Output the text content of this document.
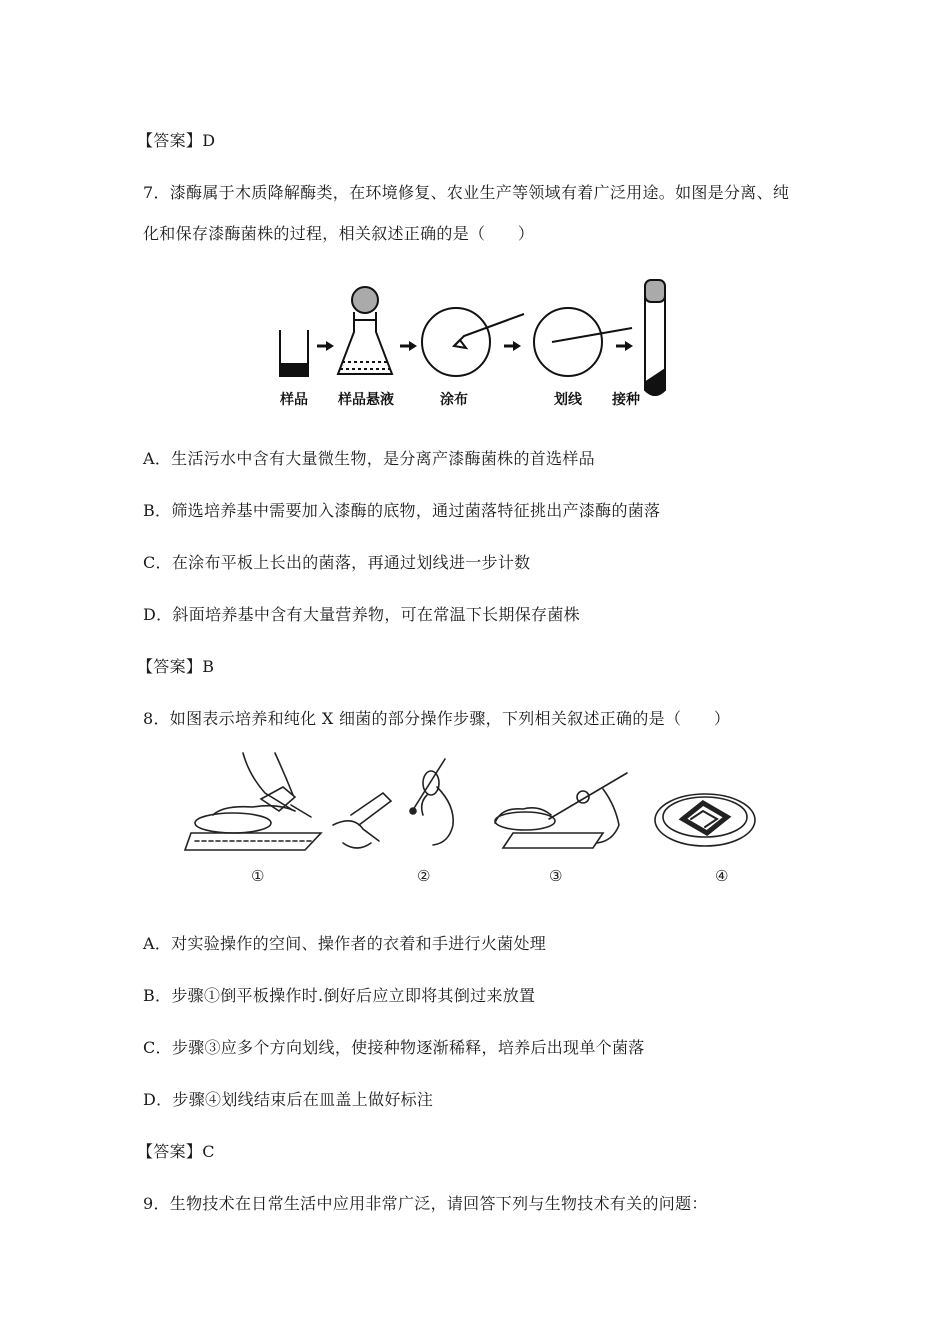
【答案】D
7．漆酶属于木质降解酶类，在环境修复、农业生产等领域有着广泛用途。如图是分离、纯
化和保存漆酶菌株的过程，相关叙述正确的是（　　）
样品 样品悬液	涂布	划线 接种
A．生活污水中含有大量微生物，是分离产漆酶菌株的首选样品
B．筛选培养基中需要加入漆酶的底物，通过菌落特征挑出产漆酶的菌落
C．在涂布平板上长出的菌落，再通过划线进一步计数
D．斜面培养基中含有大量营养物，可在常温下长期保存菌株
【答案】B
8．如图表示培养和纯化 X 细菌的部分操作步骤，下列相关叙述正确的是（　　）
①	②	③	④
A．对实验操作的空间、操作者的衣着和手进行火菌处理
B．步骤①倒平板操作时.倒好后应立即将其倒过来放置
C．步骤③应多个方向划线，使接种物逐渐稀释，培养后出现单个菌落
D．步骤④划线结束后在皿盖上做好标注
【答案】C
9．生物技术在日常生活中应用非常广泛，请回答下列与生物技术有关的问题：
